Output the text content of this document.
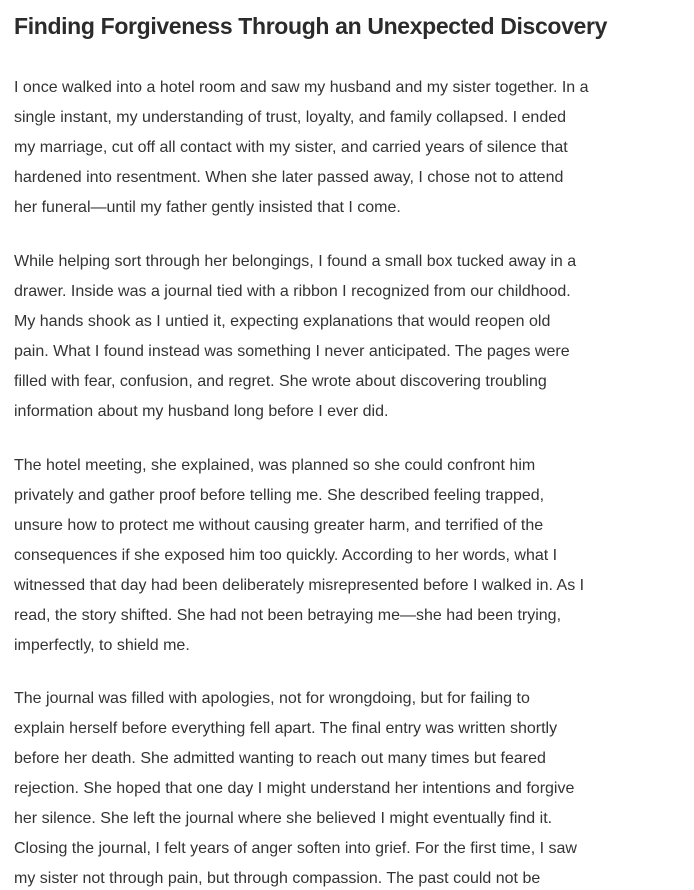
Finding Forgiveness Through an Unexpected Discovery

I once walked into a hotel room and saw my husband and my sister together. In a
single instant, my understanding of trust, loyalty, and family collapsed. I ended
my marriage, cut off all contact with my sister, and carried years of silence that
hardened into resentment. When she later passed away, I chose not to attend
her funeral—until my father gently insisted that I come.

While helping sort through her belongings, I found a small box tucked away in a
drawer. Inside was a journal tied with a ribbon I recognized from our childhood.
My hands shook as I untied it, expecting explanations that would reopen old
pain. What I found instead was something I never anticipated. The pages were
filled with fear, confusion, and regret. She wrote about discovering troubling
information about my husband long before I ever did.

The hotel meeting, she explained, was planned so she could confront him
privately and gather proof before telling me. She described feeling trapped,
unsure how to protect me without causing greater harm, and terrified of the
consequences if she exposed him too quickly. According to her words, what I
witnessed that day had been deliberately misrepresented before I walked in. As I
read, the story shifted. She had not been betraying me—she had been trying,
imperfectly, to shield me.

The journal was filled with apologies, not for wrongdoing, but for failing to
explain herself before everything fell apart. The final entry was written shortly
before her death. She admitted wanting to reach out many times but feared
rejection. She hoped that one day I might understand her intentions and forgive
her silence. She left the journal where she believed I might eventually find it.
Closing the journal, I felt years of anger soften into grief. For the first time, I saw
my sister not through pain, but through compassion. The past could not be
